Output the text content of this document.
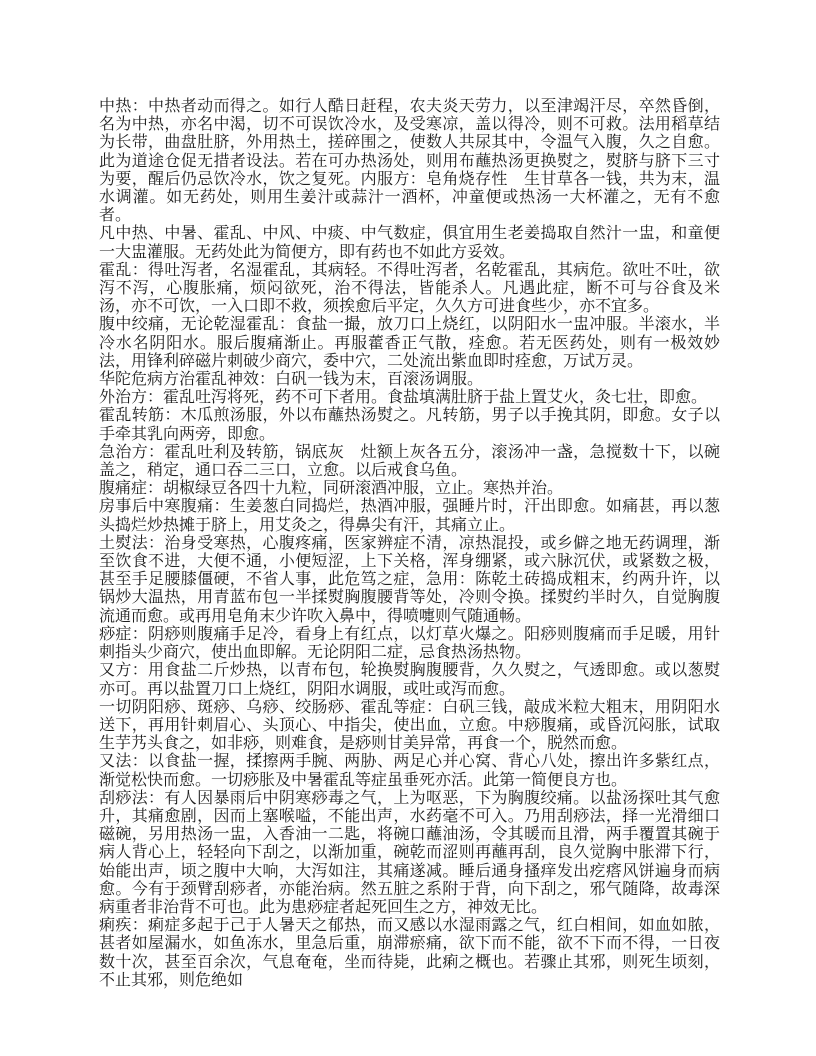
中热：中热者动而得之。如行人酷日赶程，农夫炎天劳力，以至津竭汗尽，卒然昏倒，名为中热，亦名中渴，切不可误饮冷水，及受寒凉，盖以得冷，则不可救。法用稻草结为长带，曲盘肚脐，外用热土，搓碎围之，使数人共尿其中，令温气入腹，久之自愈。此为道途仓促无措者设法。若在可办热汤处，则用布蘸热汤更换熨之，熨脐与脐下三寸为要，醒后仍忌饮冷水，饮之复死。内服方：皂角烧存性　生甘草各一钱，共为末，温水调灌。如无药处，则用生姜汁或蒜汁一酒杯，冲童便或热汤一大杯灌之，无有不愈者。

凡中热、中暑、霍乱、中风、中痰、中气数症，俱宜用生老姜捣取自然汁一盅，和童便一大盅灌服。无药处此为简便方，即有药也不如此方妥效。

霍乱：得吐泻者，名湿霍乱，其病轻。不得吐泻者，名乾霍乱，其病危。欲吐不吐，欲泻不泻，心腹胀痛，烦闷欲死，治不得法，皆能杀人。凡遇此症，断不可与谷食及米汤，亦不可饮，一入口即不救，须挨愈后平定，久久方可进食些少，亦不宜多。

腹中绞痛，无论乾湿霍乱：食盐一撮，放刀口上烧红，以阴阳水一盅冲服。半滚水，半冷水名阴阳水。服后腹痛渐止。再服藿香正气散，痊愈。若无医药处，则有一极效妙法，用锋利碎磁片刺破少商穴，委中穴，二处流出紫血即时痊愈，万试万灵。

华陀危病方治霍乱神效：白矾一钱为末，百滚汤调服。

外治方：霍乱吐泻将死，药不可下者用。食盐填满肚脐于盐上置艾火，灸七壮，即愈。

霍乱转筋：木瓜煎汤服，外以布蘸热汤熨之。凡转筋，男子以手挽其阴，即愈。女子以手牵其乳向两旁，即愈。

急治方：霍乱吐利及转筋，锅底灰　灶额上灰各五分，滚汤冲一盏，急搅数十下，以碗盖之，稍定，通口吞二三口，立愈。以后戒食乌鱼。

腹痛症：胡椒绿豆各四十九粒，同研滚酒冲服，立止。寒热并治。

房事后中寒腹痛：生姜葱白同捣烂，热酒冲服，强睡片时，汗出即愈。如痛甚，再以葱头捣烂炒热摊于脐上，用艾灸之，得鼻尖有汗，其痛立止。

土熨法：治身受寒热，心腹疼痛，医家辨症不清，凉热混投，或乡僻之地无药调理，渐至饮食不进，大便不通，小便短涩，上下关格，浑身绷紧，或六脉沉伏，或紧数之极，甚至手足腰膝僵硬，不省人事，此危笃之症，急用：陈乾土砖捣成粗末，约两升许，以锅炒大温热，用青蓝布包一半揉熨胸腹腰背等处，冷则令换。揉熨约半时久，自觉胸腹流通而愈。或再用皂角末少许吹入鼻中，得喷嚏则气随通畅。

痧症：阴痧则腹痛手足冷，看身上有红点，以灯草火爆之。阳痧则腹痛而手足暖，用针刺指头少商穴，使出血即解。无论阴阳二症，忌食热汤热物。

又方：用食盐二斤炒热，以青布包，轮换熨胸腹腰背，久久熨之，气透即愈。或以葱熨亦可。再以盐置刀口上烧红，阴阳水调服，或吐或泻而愈。

一切阴阳痧、斑痧、乌痧、绞肠痧、霍乱等症：白矾三钱，敲成米粒大粗末，用阴阳水送下，再用针刺眉心、头顶心、中指尖，使出血，立愈。中痧腹痛，或昏沉闷胀，试取生芋艿头食之，如非痧，则难食，是痧则甘美异常，再食一个，脱然而愈。

又法：以食盐一握，揉擦两手腕、两胁、两足心并心窝、背心八处，擦出许多紫红点，渐觉松快而愈。一切痧胀及中暑霍乱等症虽垂死亦活。此第一简便良方也。

刮痧法：有人因暴雨后中阴寒痧毒之气，上为呕恶，下为胸腹绞痛。以盐汤探吐其气愈升，其痛愈剧，因而上塞喉嗌，不能出声，水药毫不可入。乃用刮痧法，择一光滑细口磁碗，另用热汤一盅，入香油一二匙，将碗口蘸油汤，令其暖而且滑，两手覆置其碗于病人背心上，轻轻向下刮之，以渐加重，碗乾而涩则再蘸再刮，良久觉胸中胀滞下行，始能出声，顷之腹中大响，大泻如注，其痛遂减。睡后通身搔痒发出疙瘩风饼遍身而病愈。今有于颈臂刮痧者，亦能治病。然五脏之系附于背，向下刮之，邪气随降，故毒深病重者非治背不可也。此为患痧症者起死回生之方，神效无比。

痢疾：痢症多起于己于人暑天之郁热，而又感以水湿雨露之气，红白相间，如血如脓，甚者如屋漏水，如鱼冻水，里急后重，崩滞瘀痛，欲下而不能，欲不下而不得，一日夜数十次，甚至百余次，气息奄奄，坐而待毙，此痢之概也。若骤止其邪，则死生顷刻，不止其邪，则危绝如
